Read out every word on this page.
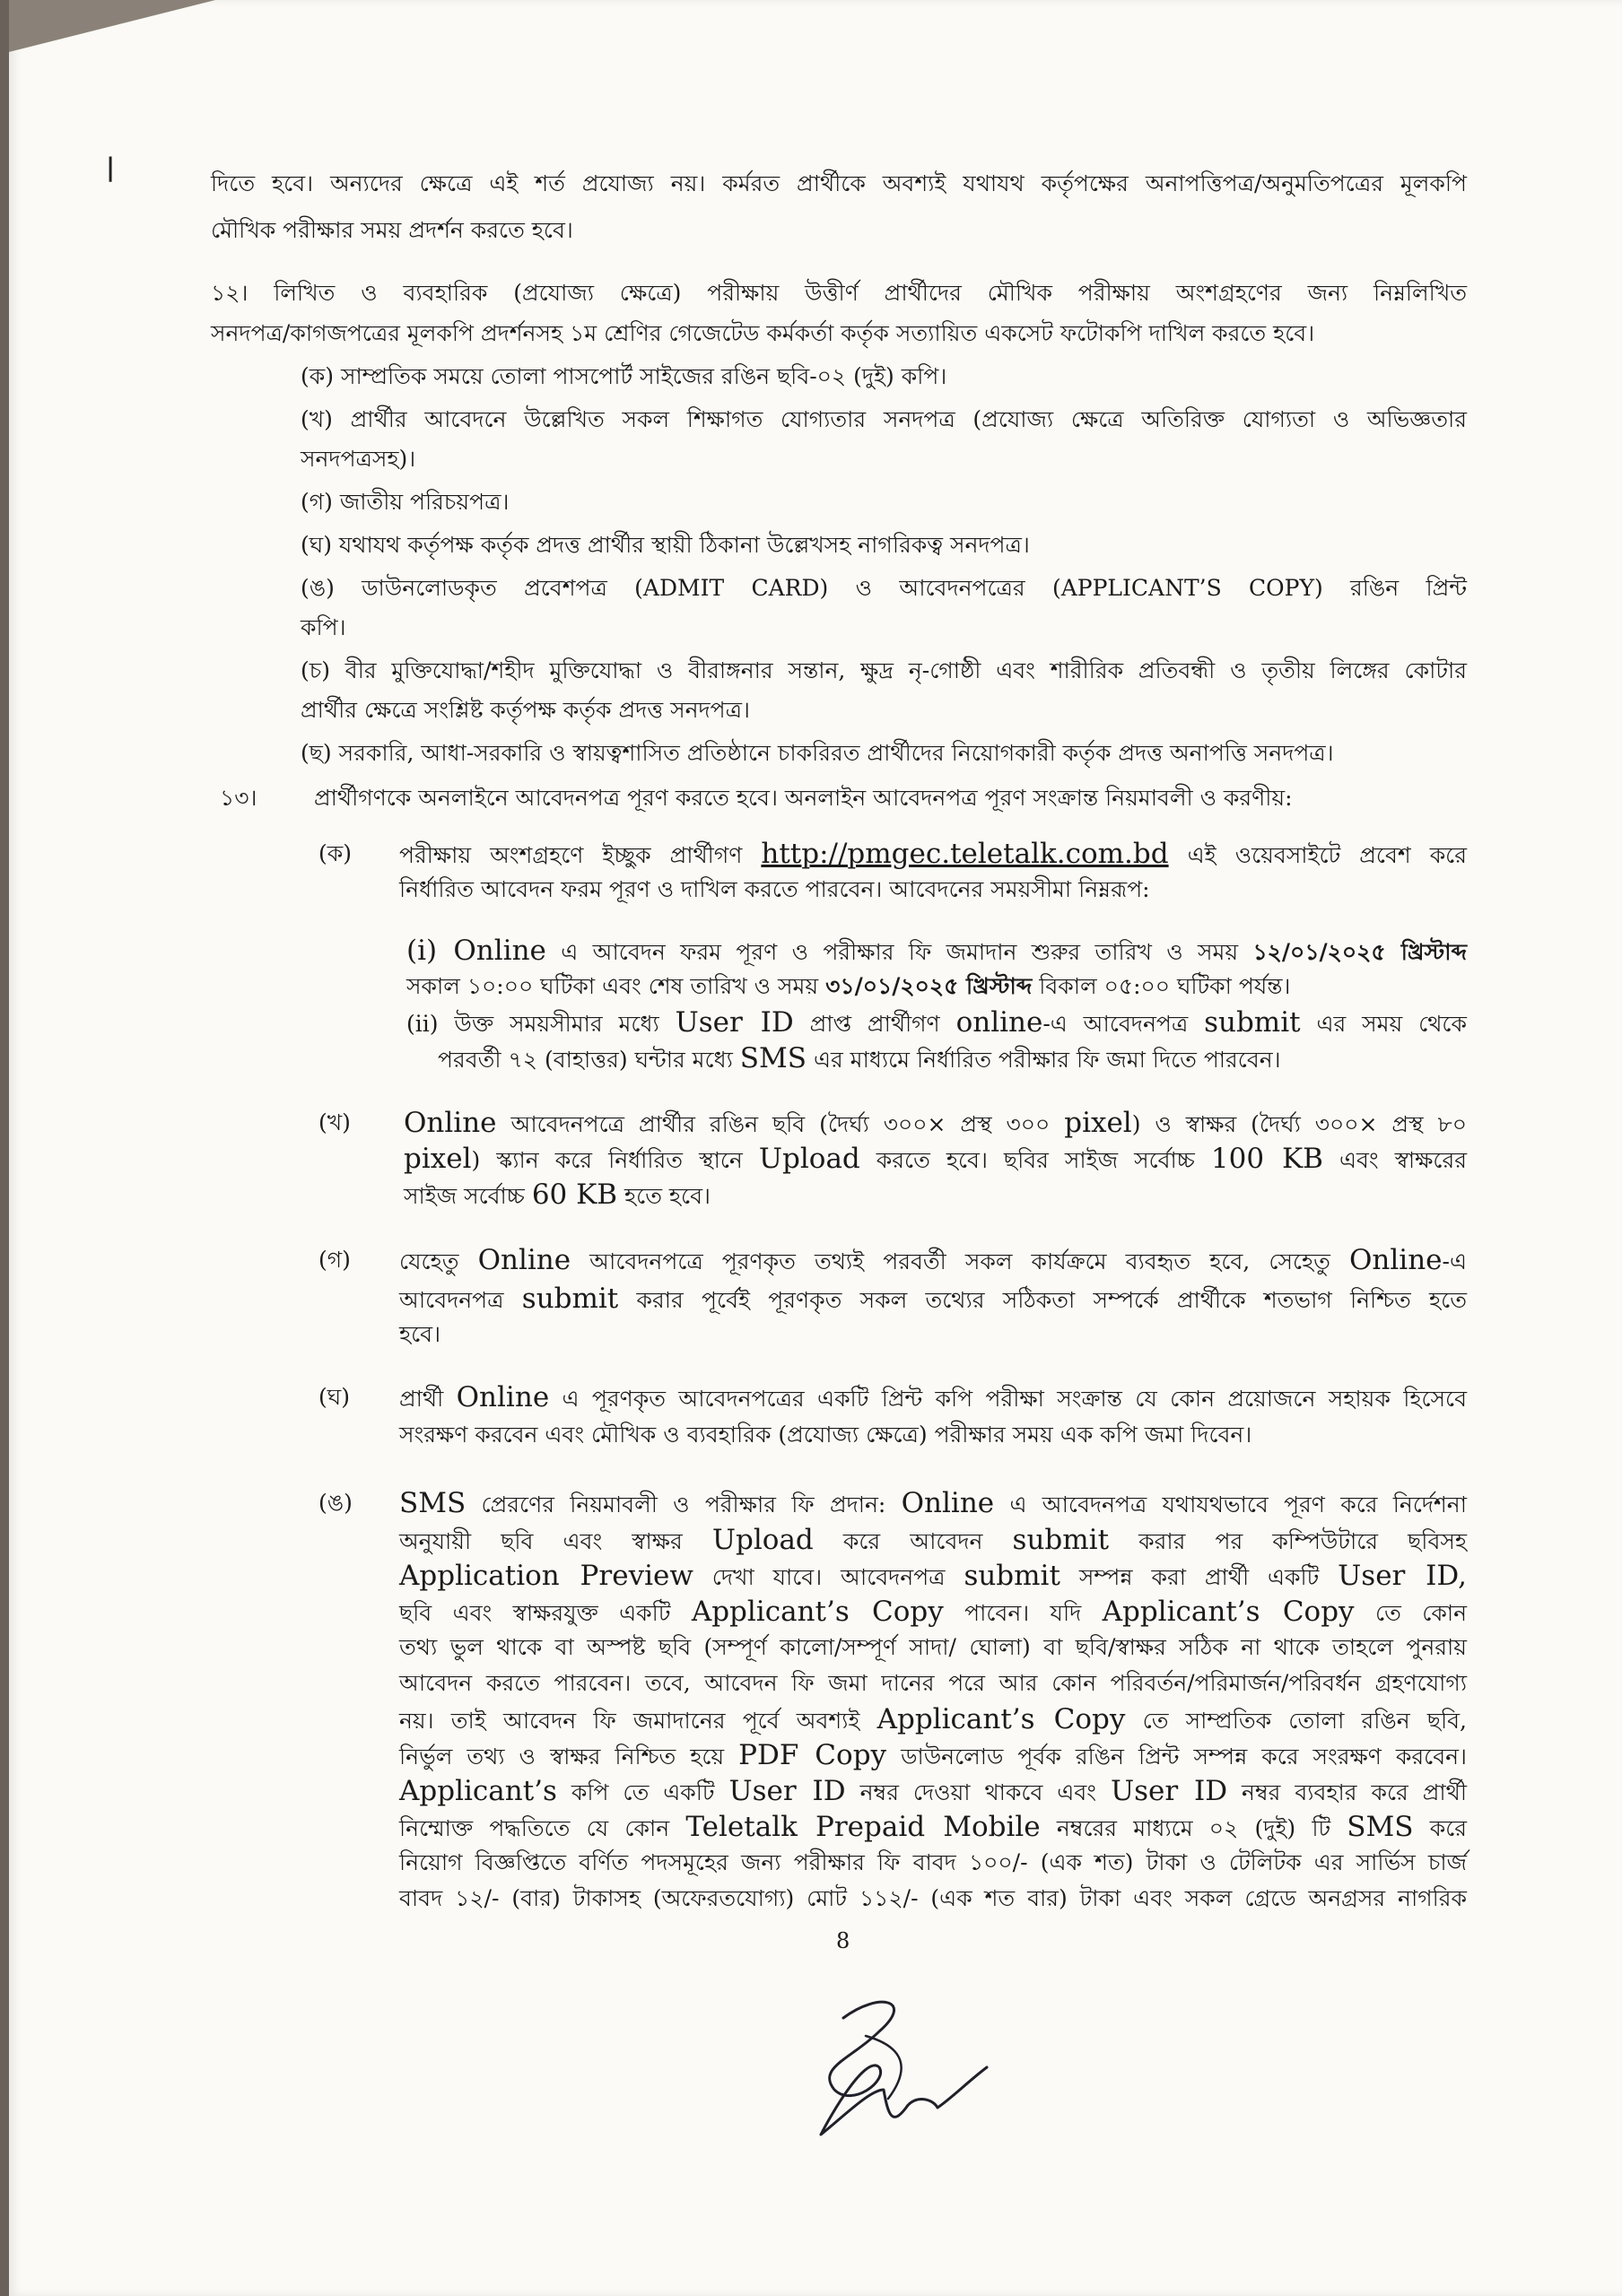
|
দিতে হবে। অন্যদের ক্ষেত্রে এই শর্ত প্রযোজ্য নয়। কর্মরত প্রার্থীকে অবশ্যই যথাযথ কর্তৃপক্ষের অনাপত্তিপত্র/অনুমতিপত্রের মূলকপি
মৌখিক পরীক্ষার সময় প্রদর্শন করতে হবে।
১২। লিখিত ও ব্যবহারিক (প্রযোজ্য ক্ষেত্রে) পরীক্ষায় উত্তীর্ণ প্রার্থীদের মৌখিক পরীক্ষায় অংশগ্রহণের জন্য নিম্নলিখিত
সনদপত্র/কাগজপত্রের মূলকপি প্রদর্শনসহ ১ম শ্রেণির গেজেটেড কর্মকর্তা কর্তৃক সত্যায়িত একসেট ফটোকপি দাখিল করতে হবে।
(ক) সাম্প্রতিক সময়ে তোলা পাসপোর্ট সাইজের রঙিন ছবি-০২ (দুই) কপি।
(খ) প্রার্থীর আবেদনে উল্লেখিত সকল শিক্ষাগত যোগ্যতার সনদপত্র (প্রযোজ্য ক্ষেত্রে অতিরিক্ত যোগ্যতা ও অভিজ্ঞতার
সনদপত্রসহ)।
(গ) জাতীয় পরিচয়পত্র।
(ঘ) যথাযথ কর্তৃপক্ষ কর্তৃক প্রদত্ত প্রার্থীর স্থায়ী ঠিকানা উল্লেখসহ নাগরিকত্ব সনদপত্র।
(ঙ) ডাউনলোডকৃত প্রবেশপত্র (ADMIT CARD) ও আবেদনপত্রের (APPLICANT’S COPY) রঙিন প্রিন্ট
কপি।
(চ) বীর মুক্তিযোদ্ধা/শহীদ মুক্তিযোদ্ধা ও বীরাঙ্গনার সন্তান, ক্ষুদ্র নৃ-গোষ্ঠী এবং শারীরিক প্রতিবন্ধী ও তৃতীয় লিঙ্গের কোটার
প্রার্থীর ক্ষেত্রে সংশ্লিষ্ট কর্তৃপক্ষ কর্তৃক প্রদত্ত সনদপত্র।
(ছ) সরকারি, আধা-সরকারি ও স্বায়ত্বশাসিত প্রতিষ্ঠানে চাকরিরত প্রার্থীদের নিয়োগকারী কর্তৃক প্রদত্ত অনাপত্তি সনদপত্র।
১৩।	প্রার্থীগণকে অনলাইনে আবেদনপত্র পূরণ করতে হবে। অনলাইন আবেদনপত্র পূরণ সংক্রান্ত নিয়মাবলী ও করণীয়:
(ক) পরীক্ষায় অংশগ্রহণে ইচ্ছুক প্রার্থীগণ http://pmgec.teletalk.com.bd এই ওয়েবসাইটে প্রবেশ করে
নির্ধারিত আবেদন ফরম পূরণ ও দাখিল করতে পারবেন। আবেদনের সময়সীমা নিম্নরূপ:
(i) Online এ আবেদন ফরম পূরণ ও পরীক্ষার ফি জমাদান শুরুর তারিখ ও সময় ১২/০১/২০২৫ খ্রিস্টাব্দ
সকাল ১০:০০ ঘটিকা এবং শেষ তারিখ ও সময় ৩১/০১/২০২৫ খ্রিস্টাব্দ বিকাল ০৫:০০ ঘটিকা পর্যন্ত।
(ii) উক্ত সময়সীমার মধ্যে User ID প্রাপ্ত প্রার্থীগণ online-এ আবেদনপত্র submit এর সময় থেকে
পরবর্তী ৭২ (বাহাত্তর) ঘন্টার মধ্যে SMS এর মাধ্যমে নির্ধারিত পরীক্ষার ফি জমা দিতে পারবেন।
(খ) Online আবেদনপত্রে প্রার্থীর রঙিন ছবি (দৈর্ঘ্য ৩০০× প্রস্থ ৩০০ pixel) ও স্বাক্ষর (দৈর্ঘ্য ৩০০× প্রস্থ ৮০
pixel) স্ক্যান করে নির্ধারিত স্থানে Upload করতে হবে। ছবির সাইজ সর্বোচ্চ 100 KB এবং স্বাক্ষরের
সাইজ সর্বোচ্চ 60 KB হতে হবে।
(গ) যেহেতু Online আবেদনপত্রে পূরণকৃত তথ্যই পরবর্তী সকল কার্যক্রমে ব্যবহৃত হবে, সেহেতু Online-এ
আবেদনপত্র submit করার পূর্বেই পূরণকৃত সকল তথ্যের সঠিকতা সম্পর্কে প্রার্থীকে শতভাগ নিশ্চিত হতে
হবে।
(ঘ) প্রার্থী Online এ পূরণকৃত আবেদনপত্রের একটি প্রিন্ট কপি পরীক্ষা সংক্রান্ত যে কোন প্রয়োজনে সহায়ক হিসেবে
সংরক্ষণ করবেন এবং মৌখিক ও ব্যবহারিক (প্রযোজ্য ক্ষেত্রে) পরীক্ষার সময় এক কপি জমা দিবেন।
(ঙ) SMS প্রেরণের নিয়মাবলী ও পরীক্ষার ফি প্রদান: Online এ আবেদনপত্র যথাযথভাবে পূরণ করে নির্দেশনা
অনুযায়ী ছবি এবং স্বাক্ষর Upload করে আবেদন submit করার পর কম্পিউটারে ছবিসহ
Application Preview দেখা যাবে। আবেদনপত্র submit সম্পন্ন করা প্রার্থী একটি User ID,
ছবি এবং স্বাক্ষরযুক্ত একটি Applicant’s Copy পাবেন। যদি Applicant’s Copy তে কোন
তথ্য ভুল থাকে বা অস্পষ্ট ছবি (সম্পূর্ণ কালো/সম্পূর্ণ সাদা/ ঘোলা) বা ছবি/স্বাক্ষর সঠিক না থাকে তাহলে পুনরায়
আবেদন করতে পারবেন। তবে, আবেদন ফি জমা দানের পরে আর কোন পরিবর্তন/পরিমার্জন/পরিবর্ধন গ্রহণযোগ্য
নয়। তাই আবেদন ফি জমাদানের পূর্বে অবশ্যই Applicant’s Copy তে সাম্প্রতিক তোলা রঙিন ছবি,
নির্ভুল তথ্য ও স্বাক্ষর নিশ্চিত হয়ে PDF Copy ডাউনলোড পূর্বক রঙিন প্রিন্ট সম্পন্ন করে সংরক্ষণ করবেন।
Applicant’s কপি তে একটি User ID নম্বর দেওয়া থাকবে এবং User ID নম্বর ব্যবহার করে প্রার্থী
নিম্মোক্ত পদ্ধতিতে যে কোন Teletalk Prepaid Mobile নম্বরের মাধ্যমে ০২ (দুই) টি SMS করে
নিয়োগ বিজ্ঞপ্তিতে বর্ণিত পদসমূহের জন্য পরীক্ষার ফি বাবদ ১০০/- (এক শত) টাকা ও টেলিটক এর সার্ভিস চার্জ
বাবদ ১২/- (বার) টাকাসহ (অফেরতযোগ্য) মোট ১১২/- (এক শত বার) টাকা এবং সকল গ্রেডে অনগ্রসর নাগরিক
8
